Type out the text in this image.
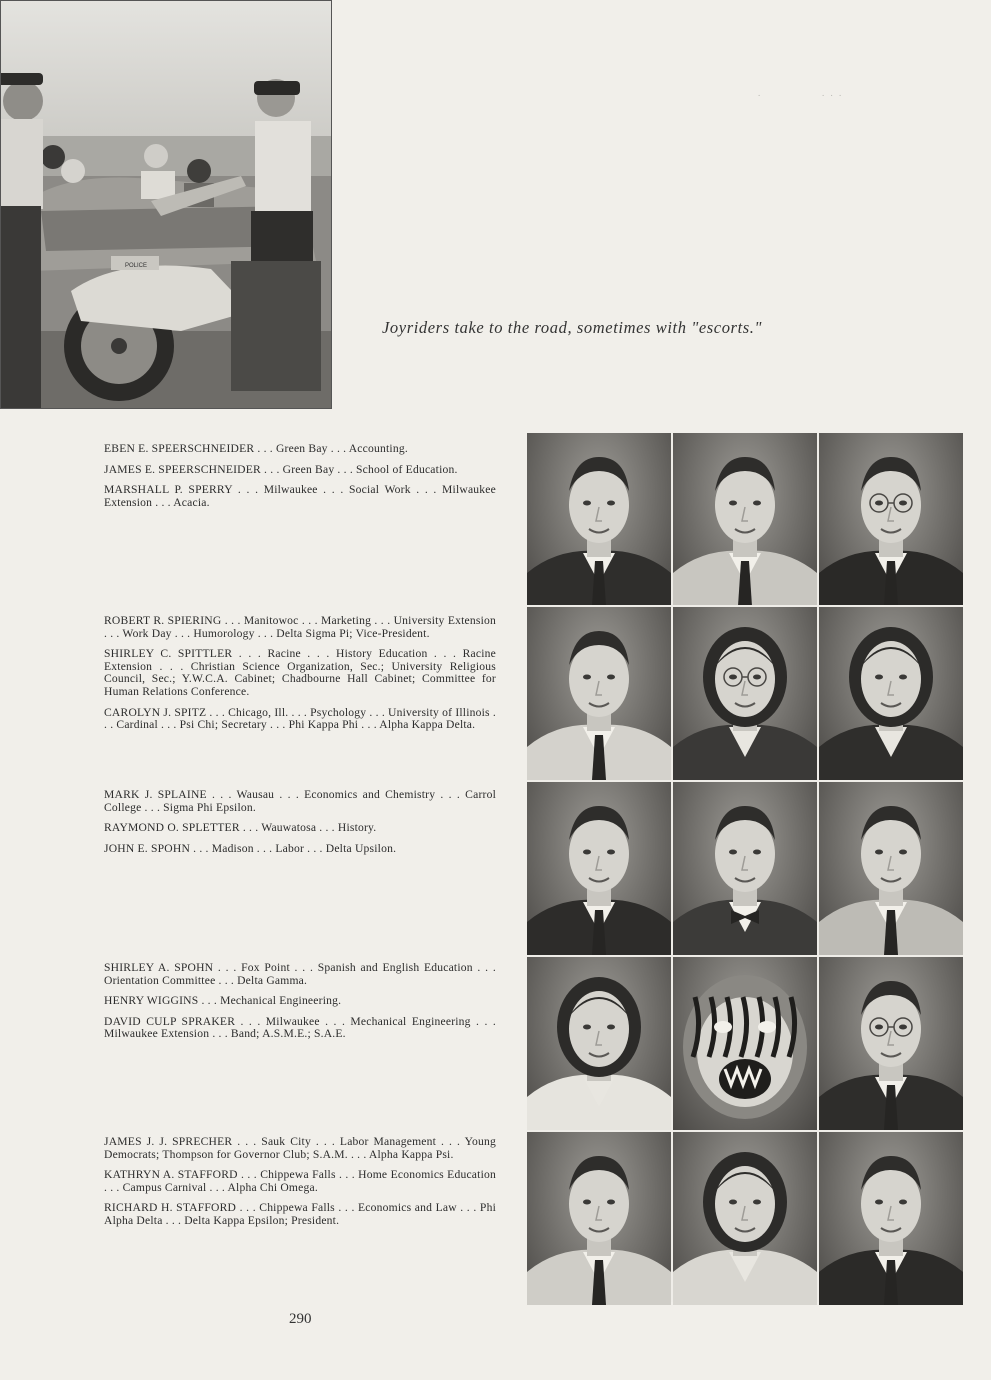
POLICE
Joyriders take to the road, sometimes with "escorts."
.	. . .

EBEN E. SPEERSCHNEIDER . . . Green Bay . . . Accounting.

JAMES E. SPEERSCHNEIDER . . . Green Bay . . . School of Education.

MARSHALL P. SPERRY . . . Milwaukee . . . Social Work . . . Milwaukee Extension . . . Acacia.

ROBERT R. SPIERING . . . Manitowoc . . . Marketing . . . University Extension . . . Work Day . . . Humorology . . . Delta Sigma Pi; Vice-President.

SHIRLEY C. SPITTLER . . . Racine . . . History Education . . . Racine Extension . . . Christian Science Organization, Sec.; University Religious Council, Sec.; Y.W.C.A. Cabinet; Chadbourne Hall Cabinet; Committee for Human Relations Conference.

CAROLYN J. SPITZ . . . Chicago, Ill. . . . Psychology . . . University of Illinois . . . Cardinal . . . Psi Chi; Secretary . . . Phi Kappa Phi . . . Alpha Kappa Delta.

MARK J. SPLAINE . . . Wausau . . . Economics and Chemistry . . . Carrol College . . . Sigma Phi Epsilon.

RAYMOND O. SPLETTER . . . Wauwatosa . . . History.

JOHN E. SPOHN . . . Madison . . . Labor . . . Delta Upsilon.

SHIRLEY A. SPOHN . . . Fox Point . . . Spanish and English Education . . . Orientation Committee . . . Delta Gamma.

HENRY WIGGINS . . . Mechanical Engineering.

DAVID CULP SPRAKER . . . Milwaukee . . . Mechanical Engineering . . . Milwaukee Extension . . . Band; A.S.M.E.; S.A.E.

JAMES J. J. SPRECHER . . . Sauk City . . . Labor Management . . . Young Democrats; Thompson for Governor Club; S.A.M. . . . Alpha Kappa Psi.

KATHRYN A. STAFFORD . . . Chippewa Falls . . . Home Economics Education . . . Campus Carnival . . . Alpha Chi Omega.

RICHARD H. STAFFORD . . . Chippewa Falls . . . Economics and Law . . . Phi Alpha Delta . . . Delta Kappa Epsilon; President.

290
